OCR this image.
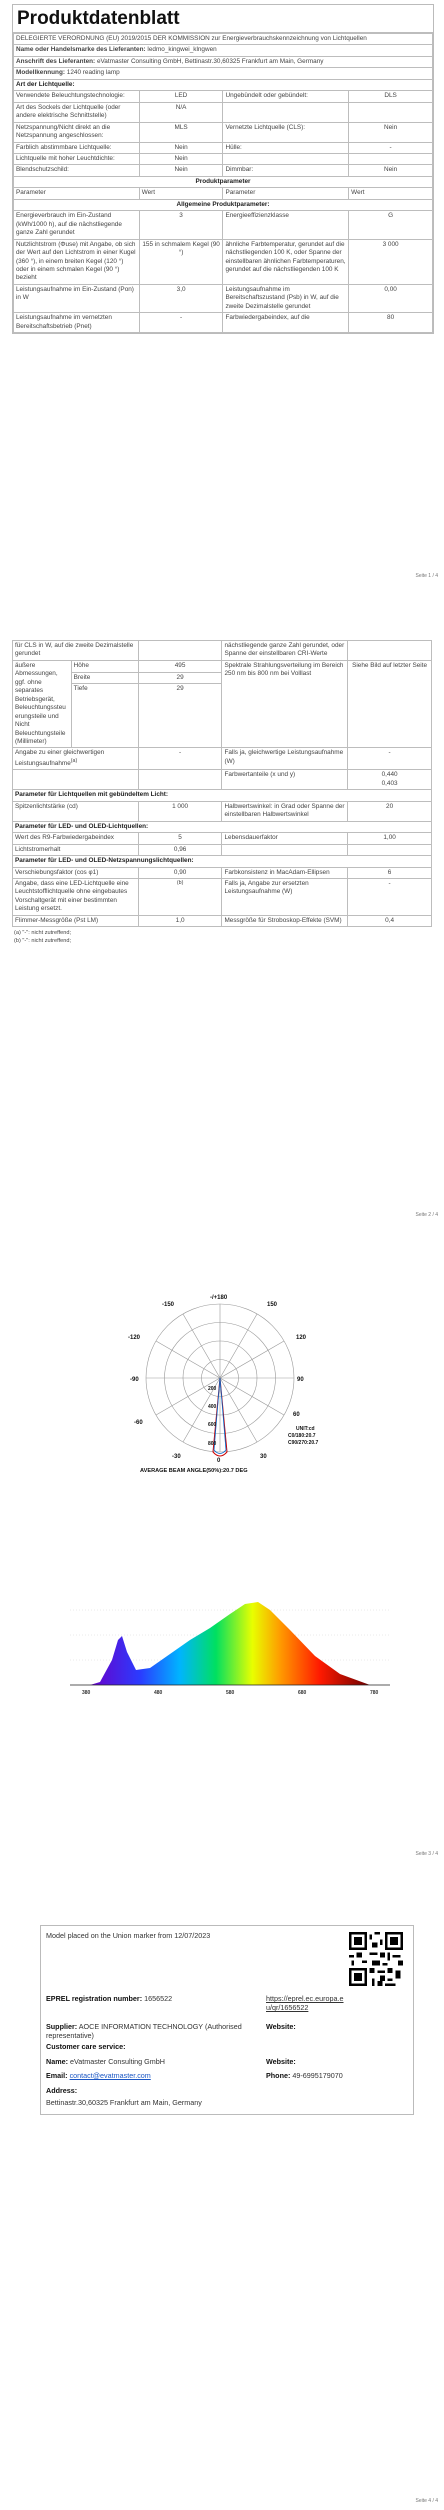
Produktdatenblatt
DELEGIERTE VERORDNUNG (EU) 2019/2015 DER KOMMISSION zur Energieverbrauchskennzeichnung von Lichtquellen			
Name oder Handelsmarke des Lieferanten: ledmo_kingwei_klngwen			
Anschrift des Lieferanten: eVatmaster Consulting GmbH, Bettinastr.30,60325 Frankfurt am Main, Germany			
Modellkennung: 1240 reading lamp			
Art der Lichtquelle:			
Verwendete Beleuchtungstechnologie:	LED	Ungebündelt oder gebündelt:	DLS
Art des Sockels der Lichtquelle (oder andere elektrische Schnittstelle)	N/A		
Netzspannung/Nicht direkt an die Netzspannung angeschlossen:	MLS	Vernetzte Lichtquelle (CLS):	Nein
Farblich abstimmbare Lichtquelle:	Nein	Hülle:	-
Lichtquelle mit hoher Leuchtdichte:	Nein		
Blendschutzschild:	Nein	Dimmbar:	Nein
Produktparameter			
Parameter	Wert	Parameter	Wert
Allgemeine Produktparameter:			
Energieverbrauch im Ein-Zustand (kWh/1000 h), auf die nächstliegende ganze Zahl gerundet	3	Energieeffizienzklasse	G
Nutzlichtstrom (Φuse) mit Angabe, ob sich der Wert auf den Lichtstrom in einer Kugel (360 °), in einem breiten Kegel (120 °) oder in einem schmalen Kegel (90 °) bezieht	155 in schmalem Kegel (90 °)	ähnliche Farbtemperatur, gerundet auf die nächstliegenden 100 K, oder Spanne der einstellbaren ähnlichen Farbtemperaturen, gerundet auf die nächstliegenden 100 K	3 000
Leistungsaufnahme im Ein-Zustand (Pon) in W	3,0	Leistungsaufnahme im Bereitschaftszustand (Psb) in W, auf die zweite Dezimalstelle gerundet	0,00
Leistungsaufnahme im vernetzten Bereitschaftsbetrieb (Pnet)	-	Farbwiedergabeindex, auf die	80
Seite 1 / 4
für CLS in W, auf die zweite Dezimalstelle gerundet			nächstliegende ganze Zahl gerundet, oder Spanne der einstellbaren CRI-Werte	
äußere Abmessungen, ggf. ohne separates Betriebsgerät, Beleuchtungssteuerungsteile und Nicht Beleuchtungsteile (Millimeter)	Höhe	495	Spektrale Strahlungsverteilung im Bereich 250 nm bis 800 nm bei Volllast	Siehe Bild auf letzter Seite
	Breite	29		
	Tiefe	29		
Angabe zu einer gleichwertigen Leistungsaufnahme$^{(a)}$		-	Falls ja, gleichwertige Leistungsaufnahme (W)	-
			Farbwertanteile (x und y)	0,440
0,403
Parameter für Lichtquellen mit gebündeltem Licht:				
Spitzenlichtstärke (cd)		1 000	Halbwertswinkel: in Grad oder Spanne der einstellbaren Halbwertswinkel	20
Parameter für LED- und OLED-Lichtquellen:				
Wert des R9-Farbwiedergabeindex		5	Lebensdauerfaktor	1,00
Lichtstromerhalt		0,96		
Parameter für LED- und OLED-Netzspannungslichtquellen:				
Verschiebungsfaktor (cos φ1)		0,90	Farbkonsistenz in MacAdam-Ellipsen	6
Angabe, dass eine LED-Lichtquelle eine Leuchtstofflichtquelle ohne eingebautes Vorschaltgerät mit einer bestimmten Leistung ersetzt.		$^{(b)}$	Falls ja, Angabe zur ersetzten Leistungsaufnahme (W)	-
Flimmer-Messgröße (Pst LM)		1,0	Messgröße für Stroboskop-Effekte (SVM)	0,4
(a) "-": nicht zutreffend;
(b) "-": nicht zutreffend;
Seite 2 / 4
-150
-/+180
150
-120	120
-90	90
-60
60
-30
0
30
800
600
400
200
UNIT:cd
C0/180:20.7
C90/270:20.7
AVERAGE BEAM ANGLE(50%):20.7 DEG
380	480	580	680	780
Seite 3 / 4
Model placed on the Union marker from 12/07/2023
EPREL registration number: 1656522	https://eprel.ec.europa.eu/qr/1656522
Supplier: AOCE INFORMATION TECHNOLOGY (Authorised representative)
Website:
Customer care service:
Name: eVatmaster Consulting GmbH	Website:
Email: contact@evatmaster.com	Phone: 49-6995179070
Address:
Bettinastr.30,60325 Frankfurt am Main, Germany
Seite 4 / 4
